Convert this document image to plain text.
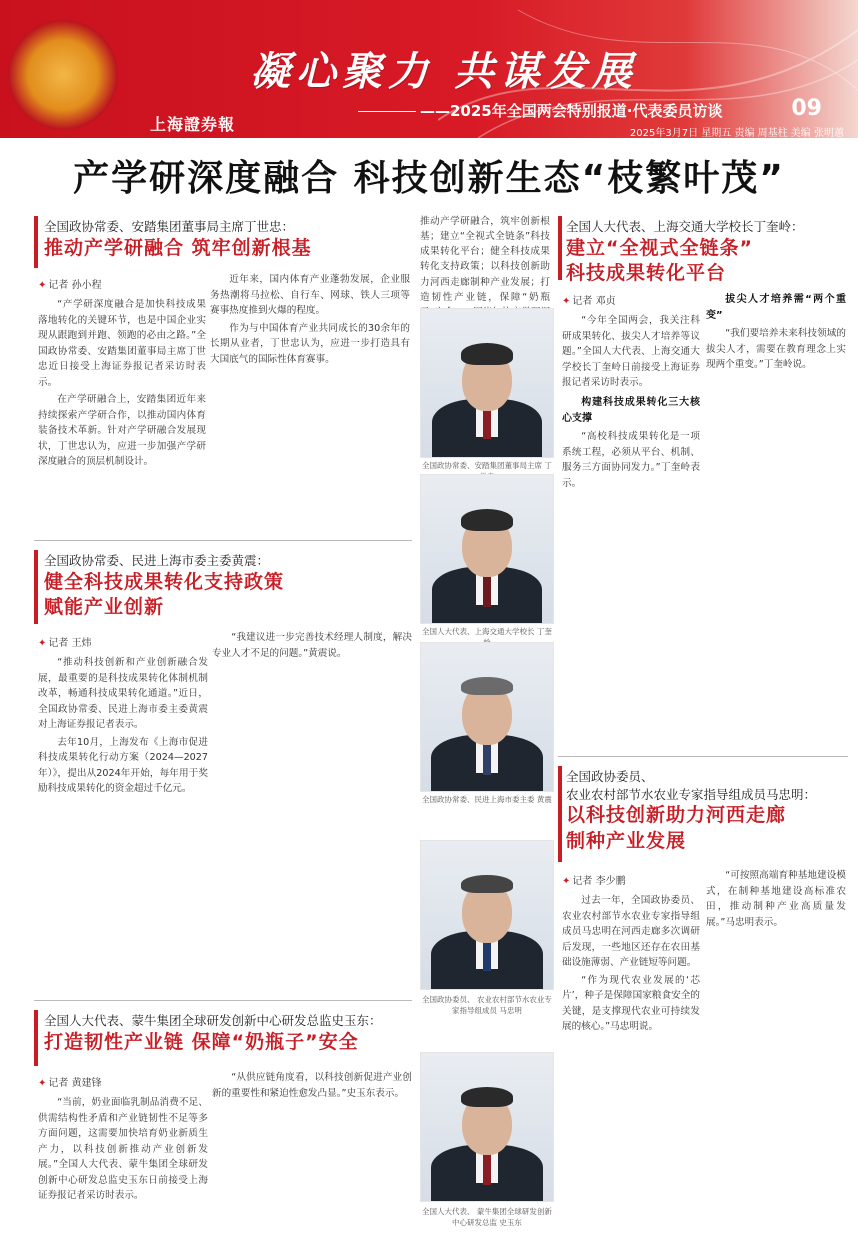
凝心聚力 共谋发展
——2025年全国两会特别报道·代表委员访谈	09
上海證券報	2025年3月7日 星期五 责编 周基柱 美编 张明蕙
产学研深度融合 科技创新生态“枝繁叶茂”
全国政协常委、安踏集团董事局主席丁世忠：
推动产学研融合 筑牢创新根基
✦ 记者 孙小程

“产学研深度融合是加快科技成果落地转化的关键环节，也是中国企业实现从跟跑到并跑、领跑的必由之路。”全国政协常委、安踏集团董事局主席丁世忠近日接受上海证券报记者采访时表示。

在产学研融合上，安踏集团近年来持续探索产学研合作，以推动国内体育装备技术革新。针对产学研融合发展现状，丁世忠认为，应进一步加强产学研深度融合的顶层机制设计。

近年来，国内体育产业蓬勃发展，企业服务热潮将马拉松、自行车、网球、铁人三项等赛事热度推到火爆的程度。

作为与中国体育产业共同成长的30余年的长期从业者，丁世忠认为，应进一步打造具有大国底气的国际性体育赛事。

推动产学研融合，筑牢创新根基；建立“全视式全链条”科技成果转化平台；健全科技成果转化支持政策；以科技创新助力河西走廊制种产业发展；打造韧性产业链，保障“奶瓶
全国政协常委、安踏集团董事局主席 丁
全国人大代表、上海交通大学校长 丁奎
全国政协常委、民进上海市委主委 黄震
全国政协委员、 农业农村部节水农业专家指导组成员 马忠明
全国人大代表、 蒙牛集团全球研发创新中心研发总监 史玉东
全国政协常委、民进上海市委主委黄震：
健全科技成果转化支持政策
赋能产业创新
✦ 记者 王炜

“推动科技创新和产业创新融合发展，最重要的是科技成果转化体制机制改革，畅通科技成果转化通道。”近日，全国政协常委、民进上海市委主委黄震对上海证券报记者表示。

去年10月，上海发布《上海市促进科技成果转化行动方案（2024—2027年）》，提出从2024年开始，每年用于奖励科技成果转化的资金超过千亿元。

“我建议进一步完善技术经理人制度，解决专业人才不足的问题。”黄震说。

全国人大代表、蒙牛集团全球研发创新中心研发总监史玉东：
打造韧性产业链 保障“奶瓶子”安全
✦ 记者 黄建锋

“当前，奶业面临乳制品消费不足、供需结构性矛盾和产业链韧性不足等多方面问题，这需要加快培育奶业新质生产力，以科技创新推动产业创新发展。”全国人大代表、蒙牛集团全球研发创新中心研发总监史玉东日前接受上海证券报记者采访时表示。

“从供应链角度看，以科技创新促进产业创新的重要性和紧迫性愈发凸显。”史玉东表示。

全国人大代表、上海交通大学校长丁奎岭：
建立“全视式全链条”
科技成果转化平台
✦ 记者 邓贞

“今年全国两会，我关注科研成果转化、拔尖人才培养等议题。”全国人大代表、上海交通大学校长丁奎岭日前接受上海证券报记者采访时表示。

构建科技成果转化三大核心支撑

“高校科技成果转化是一项系统工程，必须从平台、机制、服务三方面协同发力。”丁奎岭表示。

拔尖人才培养需“两个重变”

“我们要培养未来科技领域的拔尖人才，需要在教育理念上实现两个重变。”丁奎岭说。

全国政协委员、
农业农村部节水农业专家指导组成员马忠明：
以科技创新助力河西走廊
制种产业发展
✦ 记者 李少鹏

过去一年，全国政协委员、农业农村部节水农业专家指导组成员马忠明在河西走廊多次调研后发现，一些地区还存在农田基础设施薄弱、产业链短等问题。

“作为现代农业发展的‘芯片’，种子是保障国家粮食安全的关键，是支撑现代农业可持续发展的核心。”马忠明说。

“可按照高端育种基地建设模式，在制种基地建设高标准农田，推动制种产业高质量发展。”马忠明表示。
